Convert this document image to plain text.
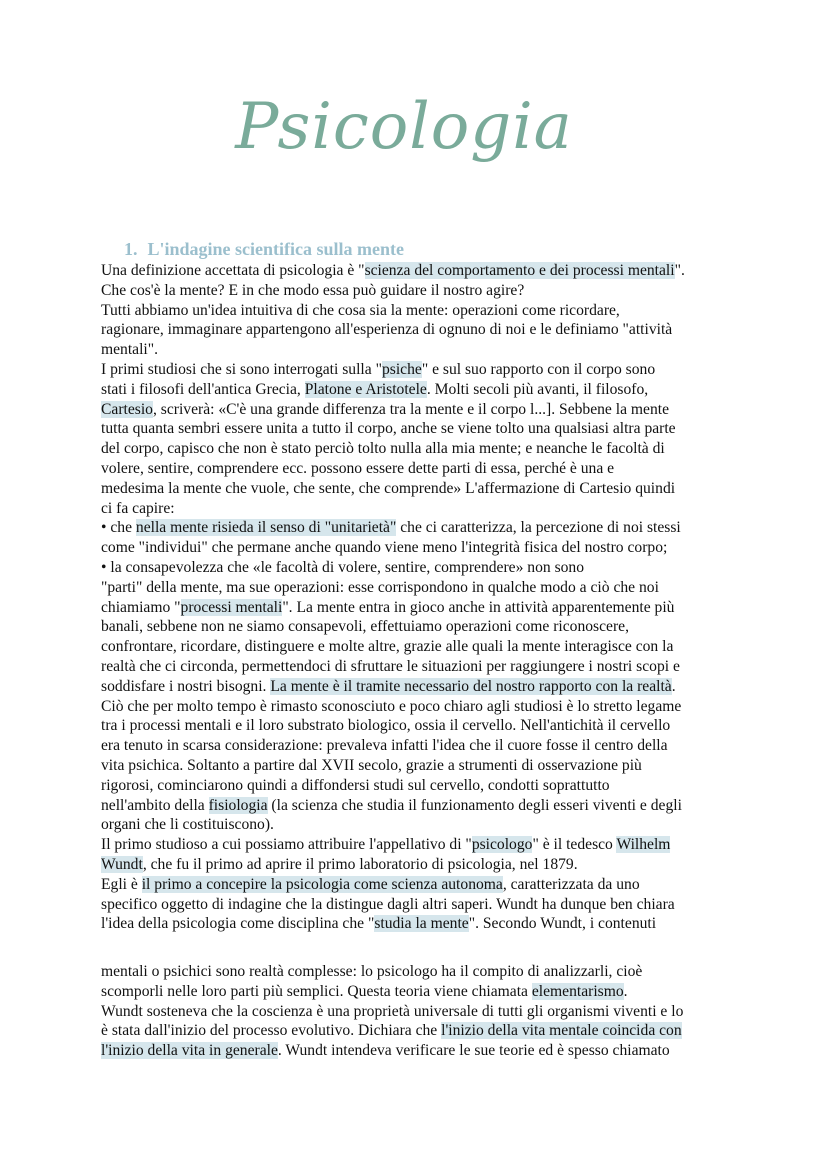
Psicologia
1. L'indagine scientifica sulla mente
Una definizione accettata di psicologia è "scienza del comportamento e dei processi mentali".
Che cos'è la mente? E in che modo essa può guidare il nostro agire?
Tutti abbiamo un'idea intuitiva di che cosa sia la mente: operazioni come ricordare,
ragionare, immaginare appartengono all'esperienza di ognuno di noi e le definiamo "attività
mentali".
I primi studiosi che si sono interrogati sulla "psiche" e sul suo rapporto con il corpo sono
stati i filosofi dell'antica Grecia, Platone e Aristotele. Molti secoli più avanti, il filosofo,
Cartesio, scriverà: «C'è una grande differenza tra la mente e il corpo l...]. Sebbene la mente
tutta quanta sembri essere unita a tutto il corpo, anche se viene tolto una qualsiasi altra parte
del corpo, capisco che non è stato perciò tolto nulla alla mia mente; e neanche le facoltà di
volere, sentire, comprendere ecc. possono essere dette parti di essa, perché è una e
medesima la mente che vuole, che sente, che comprende» L'affermazione di Cartesio quindi
ci fa capire:
• che nella mente risieda il senso di "unitarietà" che ci caratterizza, la percezione di noi stessi
come "individui" che permane anche quando viene meno l'integrità fisica del nostro corpo;
• la consapevolezza che «le facoltà di volere, sentire, comprendere» non sono
"parti" della mente, ma sue operazioni: esse corrispondono in qualche modo a ciò che noi
chiamiamo "processi mentali". La mente entra in gioco anche in attività apparentemente più
banali, sebbene non ne siamo consapevoli, effettuiamo operazioni come riconoscere,
confrontare, ricordare, distinguere e molte altre, grazie alle quali la mente interagisce con la
realtà che ci circonda, permettendoci di sfruttare le situazioni per raggiungere i nostri scopi e
soddisfare i nostri bisogni. La mente è il tramite necessario del nostro rapporto con la realtà.
Ciò che per molto tempo è rimasto sconosciuto e poco chiaro agli studiosi è lo stretto legame
tra i processi mentali e il loro substrato biologico, ossia il cervello. Nell'antichità il cervello
era tenuto in scarsa considerazione: prevaleva infatti l'idea che il cuore fosse il centro della
vita psichica. Soltanto a partire dal XVII secolo, grazie a strumenti di osservazione più
rigorosi, cominciarono quindi a diffondersi studi sul cervello, condotti soprattutto
nell'ambito della fisiologia (la scienza che studia il funzionamento degli esseri viventi e degli
organi che li costituiscono).
Il primo studioso a cui possiamo attribuire l'appellativo di "psicologo" è il tedesco Wilhelm
Wundt, che fu il primo ad aprire il primo laboratorio di psicologia, nel 1879.
Egli è il primo a concepire la psicologia come scienza autonoma, caratterizzata da uno
specifico oggetto di indagine che la distingue dagli altri saperi. Wundt ha dunque ben chiara
l'idea della psicologia come disciplina che "studia la mente". Secondo Wundt, i contenuti
mentali o psichici sono realtà complesse: lo psicologo ha il compito di analizzarli, cioè
scomporli nelle loro parti più semplici. Questa teoria viene chiamata elementarismo.
Wundt sosteneva che la coscienza è una proprietà universale di tutti gli organismi viventi e lo
è stata dall'inizio del processo evolutivo. Dichiara che l'inizio della vita mentale coincida con
l'inizio della vita in generale. Wundt intendeva verificare le sue teorie ed è spesso chiamato
